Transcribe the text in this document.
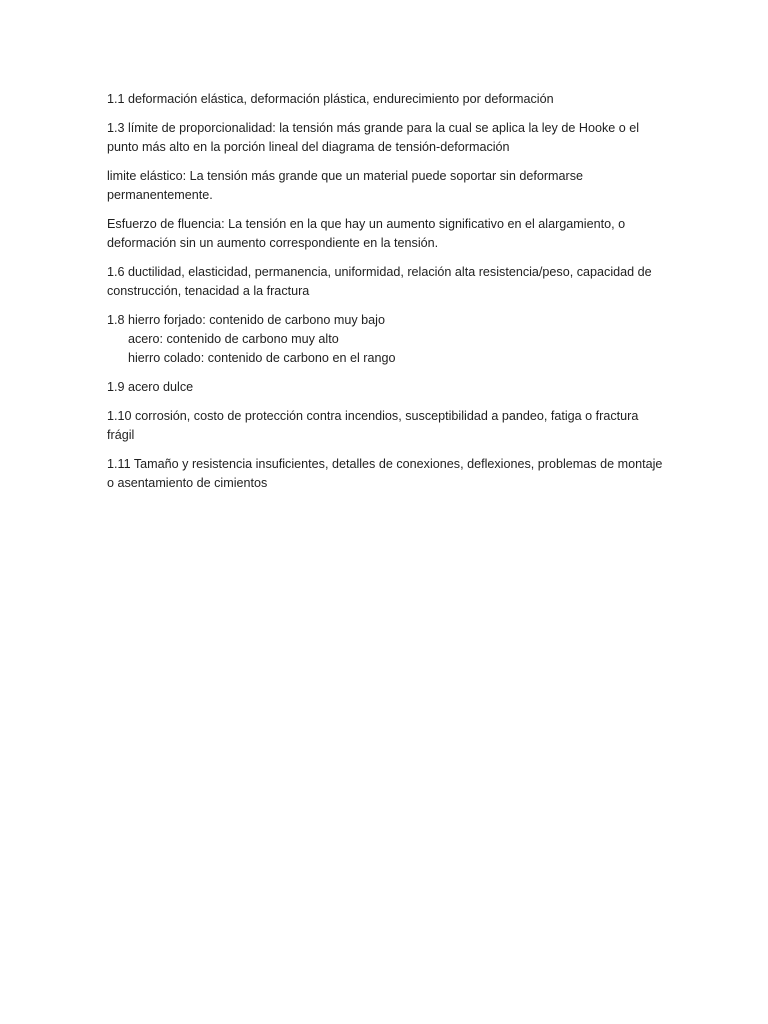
1.1 deformación elástica, deformación plástica, endurecimiento por deformación

1.3 límite de proporcionalidad: la tensión más grande para la cual se aplica la ley de Hooke o el punto más alto en la porción lineal del diagrama de tensión-deformación

limite elástico: La tensión más grande que un material puede soportar sin deformarse permanentemente.

Esfuerzo de fluencia: La tensión en la que hay un aumento significativo en el alargamiento, o deformación sin un aumento correspondiente en la tensión.

1.6 ductilidad, elasticidad, permanencia, uniformidad, relación alta resistencia/peso, capacidad de construcción, tenacidad a la fractura

1.8 hierro forjado: contenido de carbono muy bajo
acero: contenido de carbono muy alto
hierro colado: contenido de carbono en el rango

1.9 acero dulce

1.10 corrosión, costo de protección contra incendios, susceptibilidad a pandeo, fatiga o fractura frágil

1.11 Tamaño y resistencia insuficientes, detalles de conexiones, deflexiones, problemas de montaje o asentamiento de cimientos
